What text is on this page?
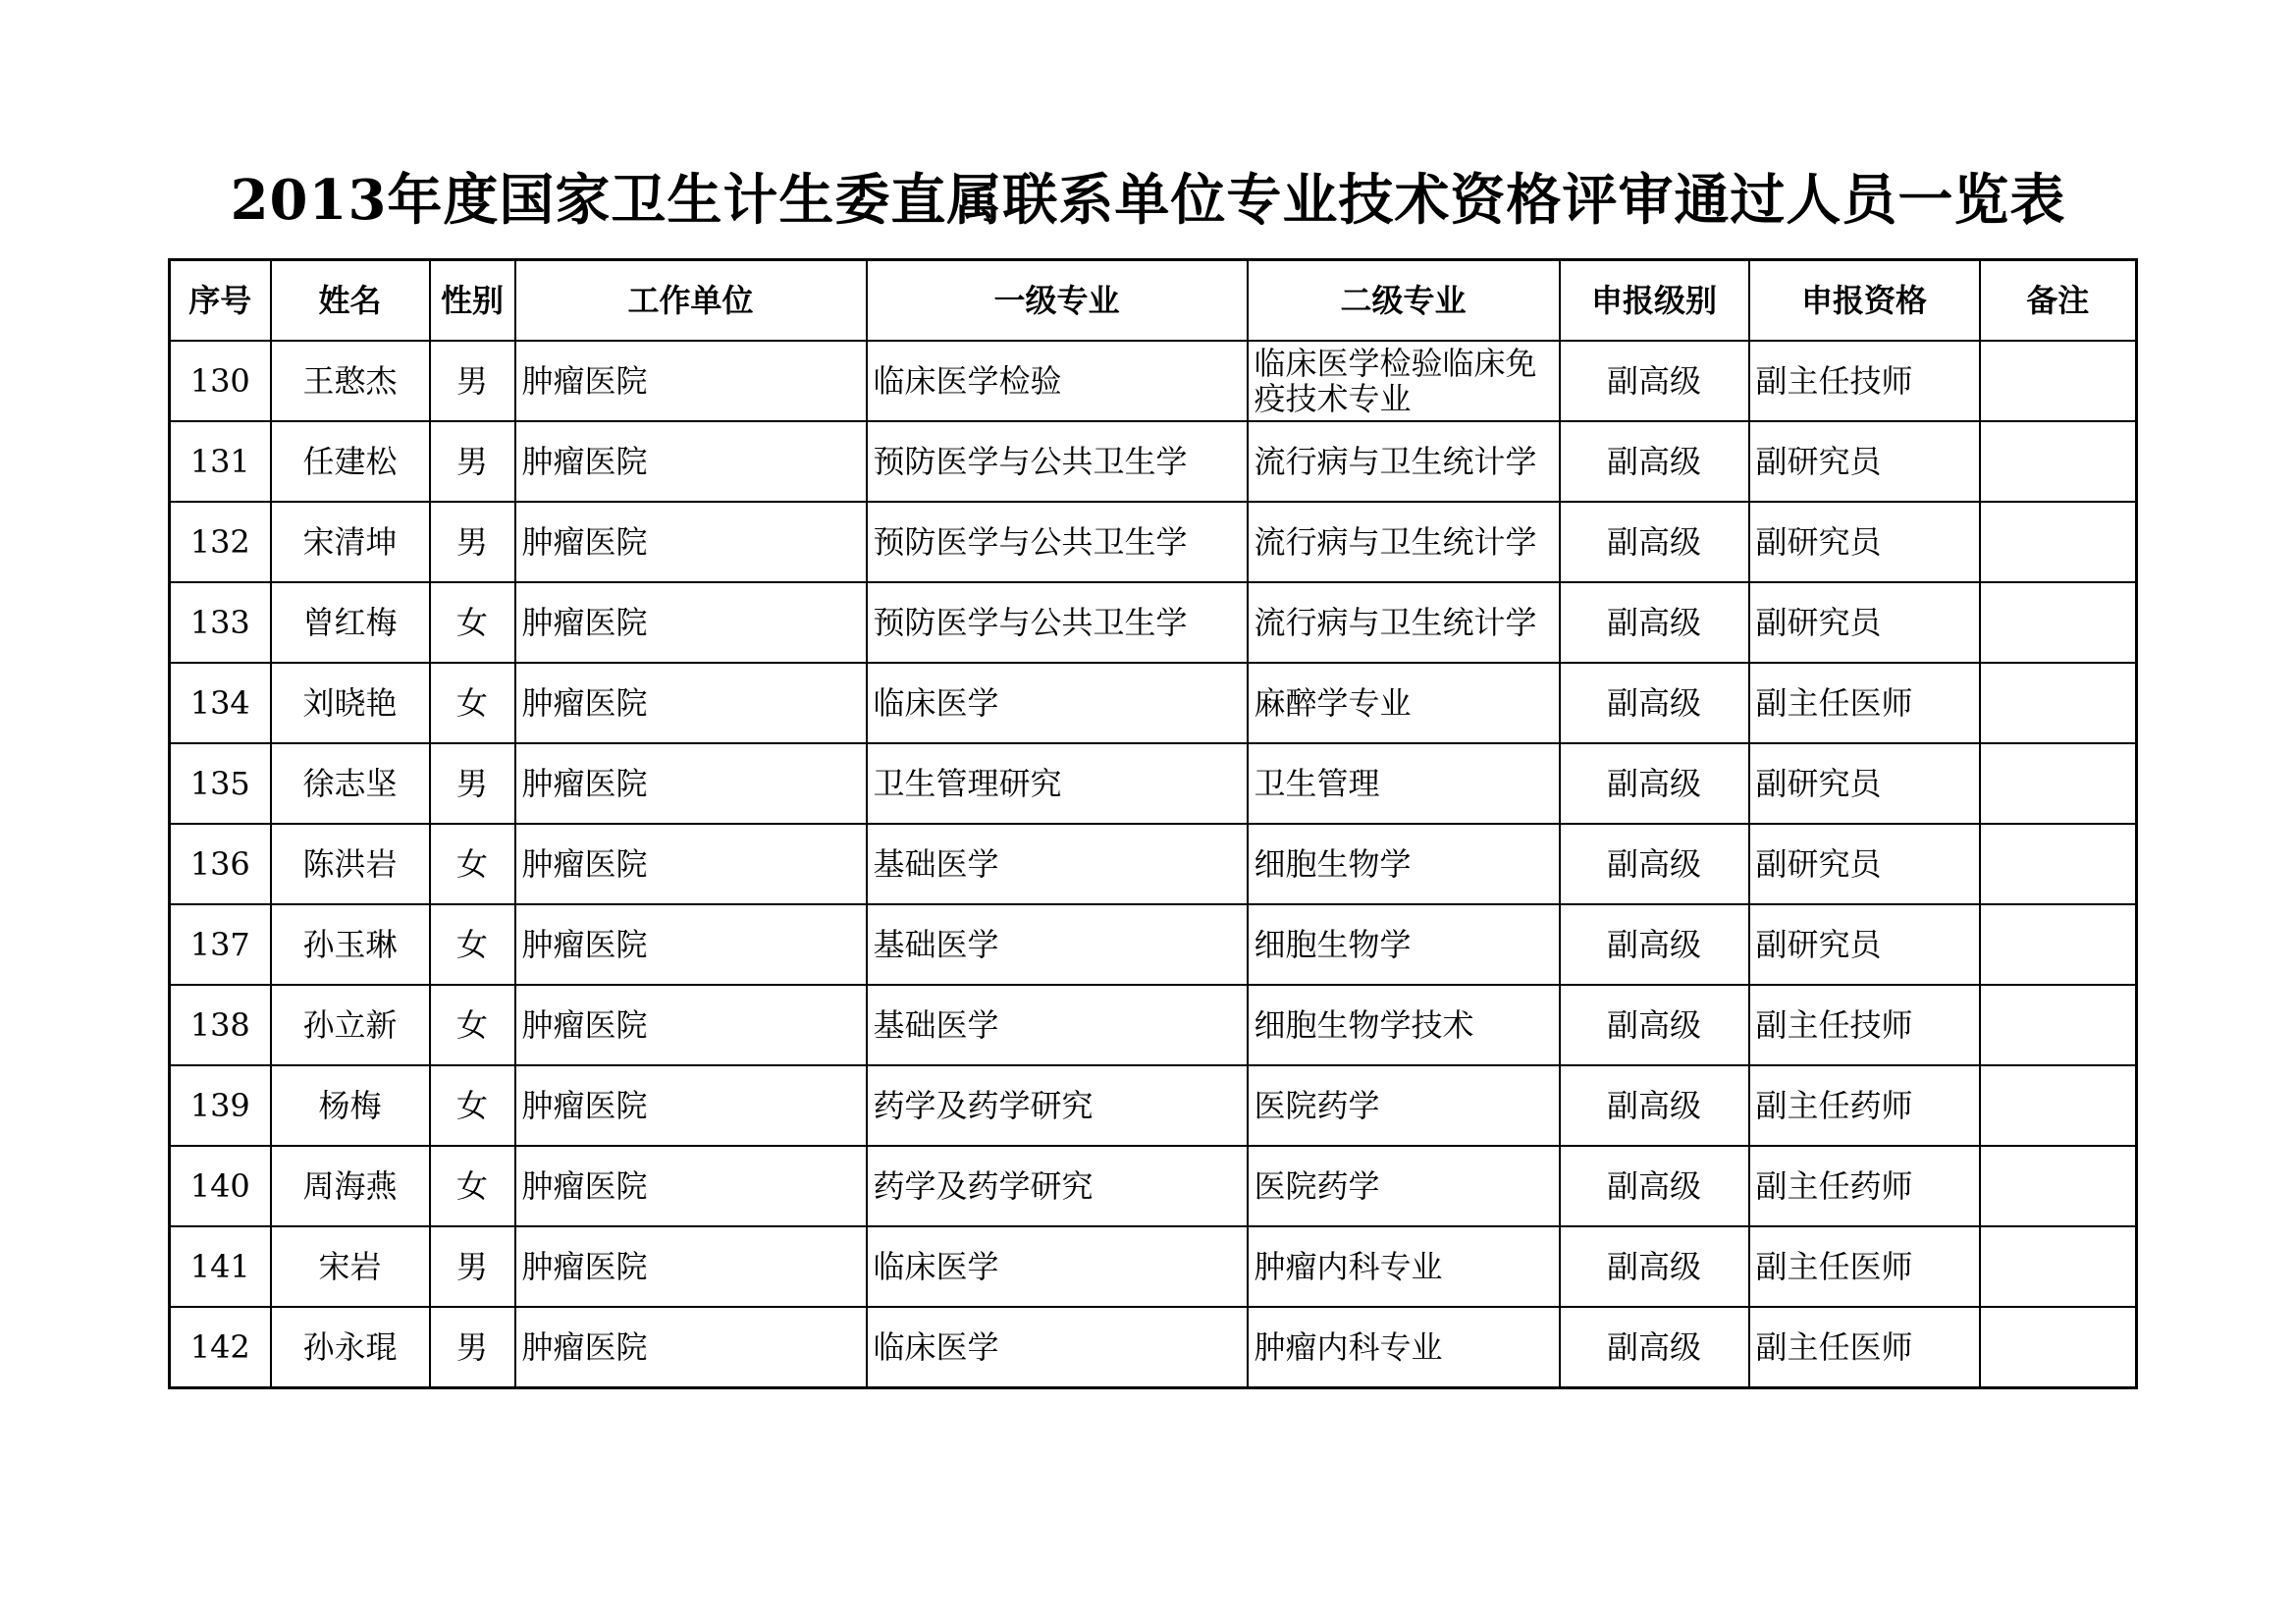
2013年度国家卫生计生委直属联系单位专业技术资格评审通过人员一览表
序号	姓名	性别	工作单位	一级专业	二级专业	申报级别	申报资格	备注
130	王憨杰	男	肿瘤医院	临床医学检验	临床医学检验临床免疫技术专业	副高级	副主任技师	
131	任建松	男	肿瘤医院	预防医学与公共卫生学	流行病与卫生统计学	副高级	副研究员	
132	宋清坤	男	肿瘤医院	预防医学与公共卫生学	流行病与卫生统计学	副高级	副研究员	
133	曾红梅	女	肿瘤医院	预防医学与公共卫生学	流行病与卫生统计学	副高级	副研究员	
134	刘晓艳	女	肿瘤医院	临床医学	麻醉学专业	副高级	副主任医师	
135	徐志坚	男	肿瘤医院	卫生管理研究	卫生管理	副高级	副研究员	
136	陈洪岩	女	肿瘤医院	基础医学	细胞生物学	副高级	副研究员	
137	孙玉琳	女	肿瘤医院	基础医学	细胞生物学	副高级	副研究员	
138	孙立新	女	肿瘤医院	基础医学	细胞生物学技术	副高级	副主任技师	
139	杨梅	女	肿瘤医院	药学及药学研究	医院药学	副高级	副主任药师	
140	周海燕	女	肿瘤医院	药学及药学研究	医院药学	副高级	副主任药师	
141	宋岩	男	肿瘤医院	临床医学	肿瘤内科专业	副高级	副主任医师	
142	孙永琨	男	肿瘤医院	临床医学	肿瘤内科专业	副高级	副主任医师	
